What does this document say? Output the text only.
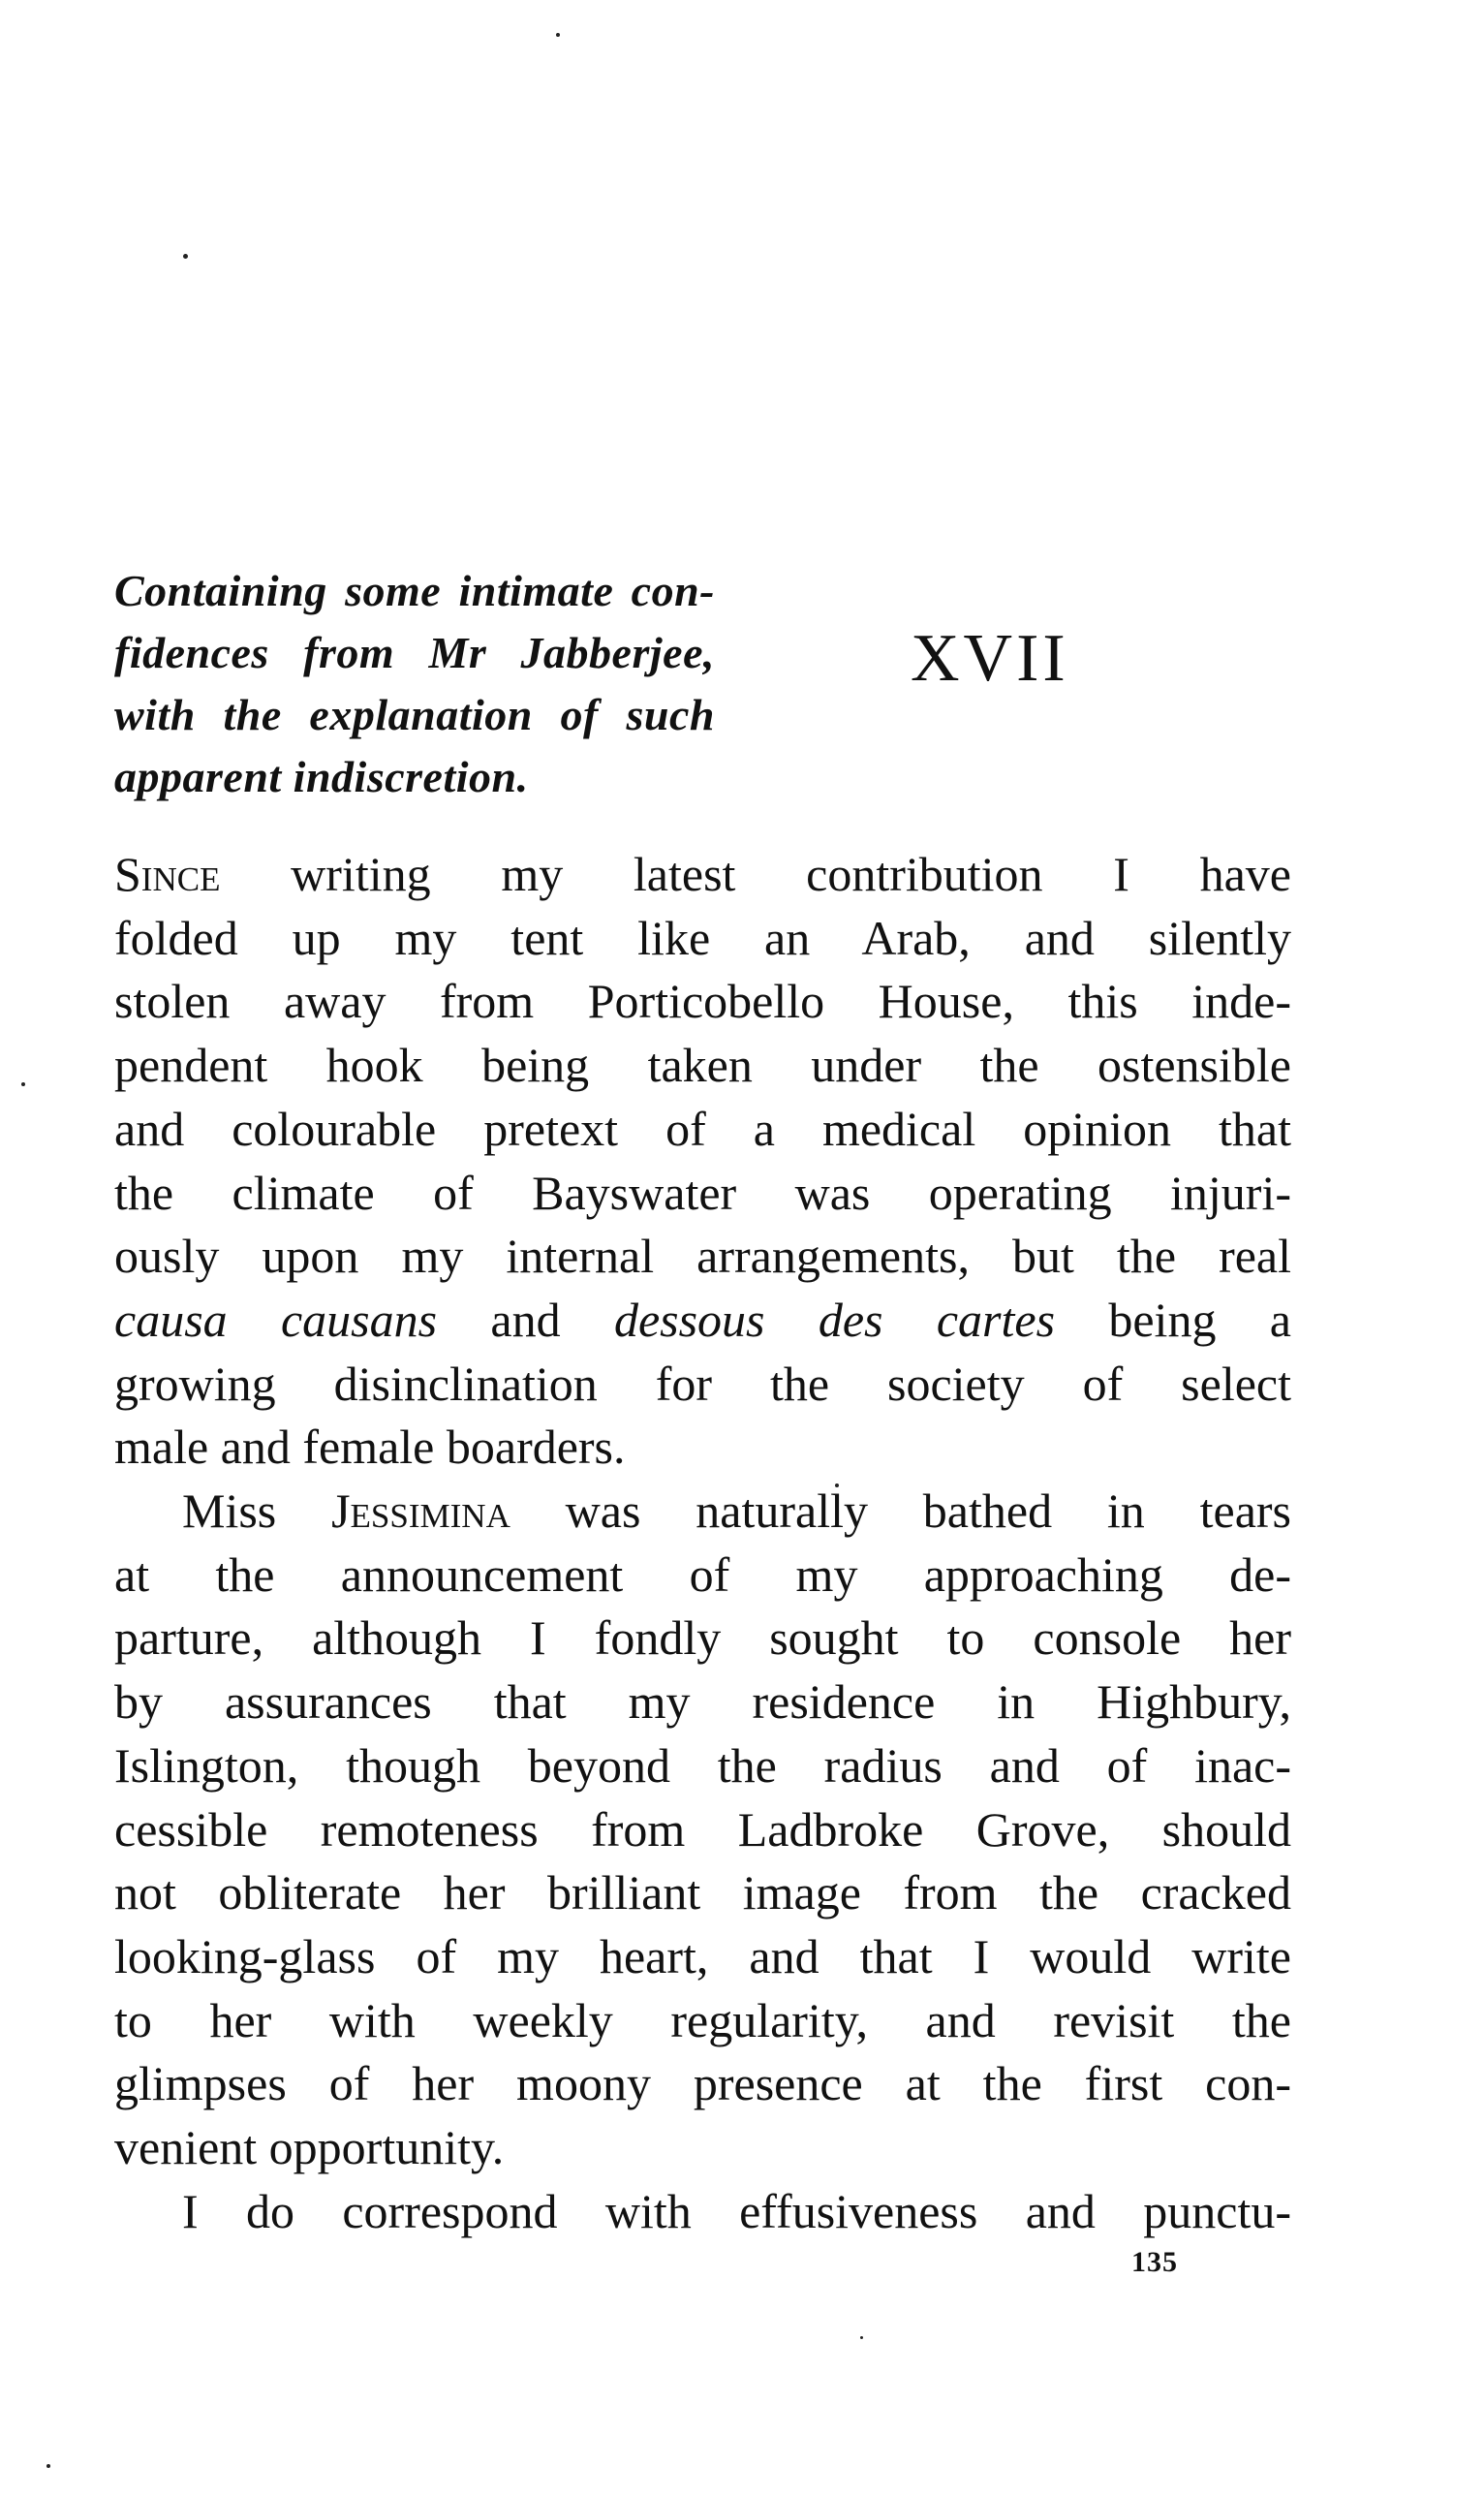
Containing some intimate con-
fidences from Mr Jabberjee,
with the explanation of such
apparent indiscretion.
XVII
Since writing my latest contribution I have
folded up my tent like an Arab, and silently
stolen away from Porticobello House, this inde-
pendent hook being taken under the ostensible
and colourable pretext of a medical opinion that
the climate of Bayswater was operating injuri-
ously upon my internal arrangements, but the real
causa causans and dessous des cartes being a
growing disinclination for the society of select
male and female boarders.
Miss Jessimina was naturally bathed in tears
at the announcement of my approaching de-
parture, although I fondly sought to console her
by assurances that my residence in Highbury,
Islington, though beyond the radius and of inac-
cessible remoteness from Ladbroke Grove, should
not obliterate her brilliant image from the cracked
looking-glass of my heart, and that I would write
to her with weekly regularity, and revisit the
glimpses of her moony presence at the first con-
venient opportunity.
I do correspond with effusiveness and punctu-
135
